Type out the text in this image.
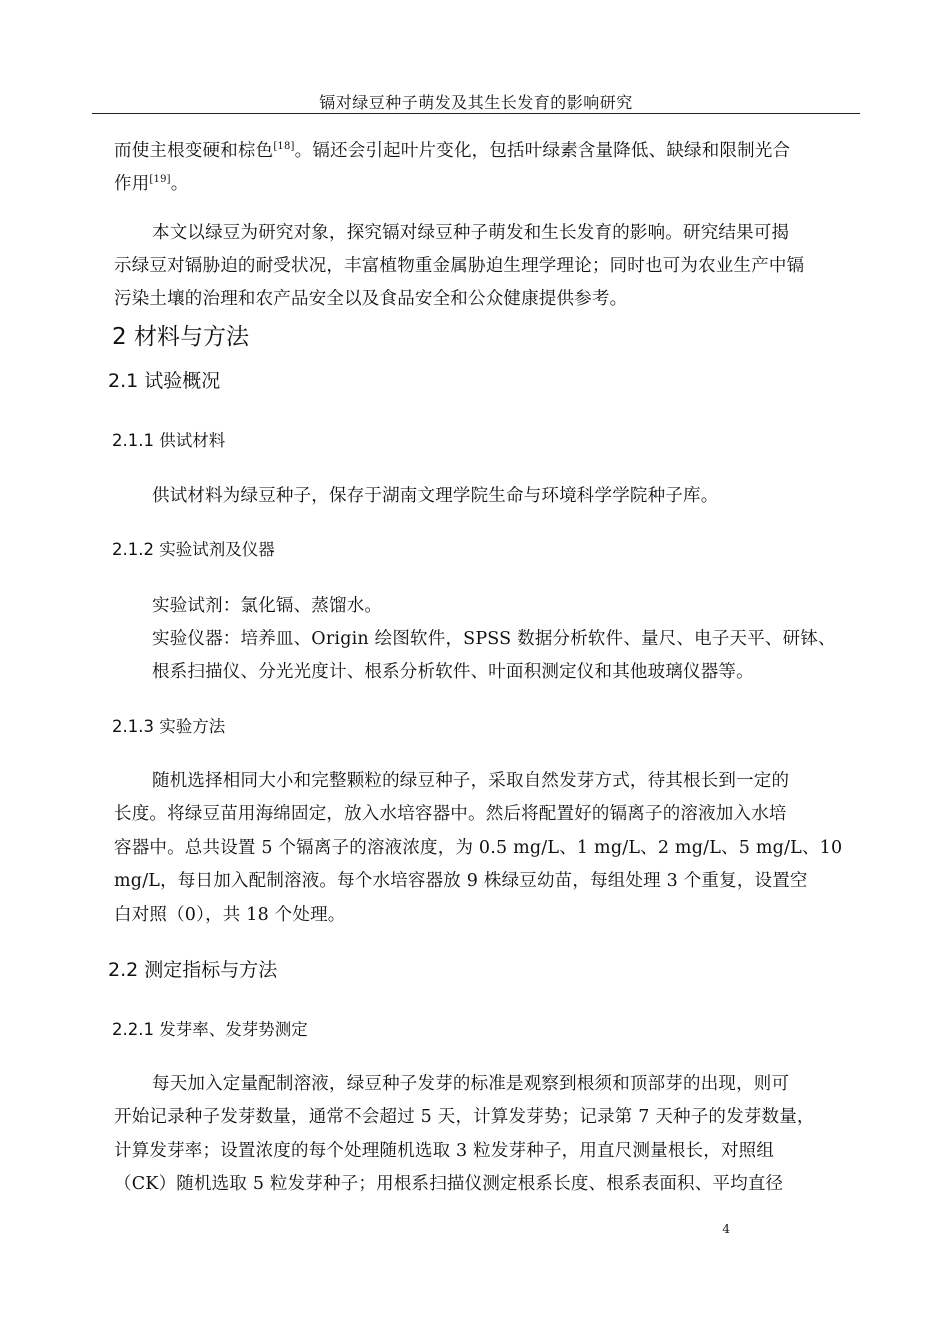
镉对绿豆种子萌发及其生长发育的影响研究
而使主根变硬和棕色[18]。镉还会引起叶片变化，包括叶绿素含量降低、缺绿和限制光合
作用[19]。
本文以绿豆为研究对象，探究镉对绿豆种子萌发和生长发育的影响。研究结果可揭
示绿豆对镉胁迫的耐受状况，丰富植物重金属胁迫生理学理论；同时也可为农业生产中镉
污染土壤的治理和农产品安全以及食品安全和公众健康提供参考。
2 材料与方法
2.1 试验概况
2.1.1 供试材料
供试材料为绿豆种子，保存于湖南文理学院生命与环境科学学院种子库。
2.1.2 实验试剂及仪器
实验试剂：氯化镉、蒸馏水。
实验仪器：培养皿、Origin 绘图软件，SPSS 数据分析软件、量尺、电子天平、研钵、
根系扫描仪、分光光度计、根系分析软件、叶面积测定仪和其他玻璃仪器等。
2.1.3 实验方法
随机选择相同大小和完整颗粒的绿豆种子，采取自然发芽方式，待其根长到一定的
长度。将绿豆苗用海绵固定，放入水培容器中。然后将配置好的镉离子的溶液加入水培
容器中。总共设置 5 个镉离子的溶液浓度，为 0.5 mg/L、1 mg/L、2 mg/L、5 mg/L、10
mg/L，每日加入配制溶液。每个水培容器放 9 株绿豆幼苗，每组处理 3 个重复，设置空
白对照（0），共 18 个处理。
2.2 测定指标与方法
2.2.1 发芽率、发芽势测定
每天加入定量配制溶液，绿豆种子发芽的标准是观察到根须和顶部芽的出现，则可
开始记录种子发芽数量，通常不会超过 5 天，计算发芽势；记录第 7 天种子的发芽数量，
计算发芽率；设置浓度的每个处理随机选取 3 粒发芽种子，用直尺测量根长，对照组
（CK）随机选取 5 粒发芽种子；用根系扫描仪测定根系长度、根系表面积、平均直径
4
